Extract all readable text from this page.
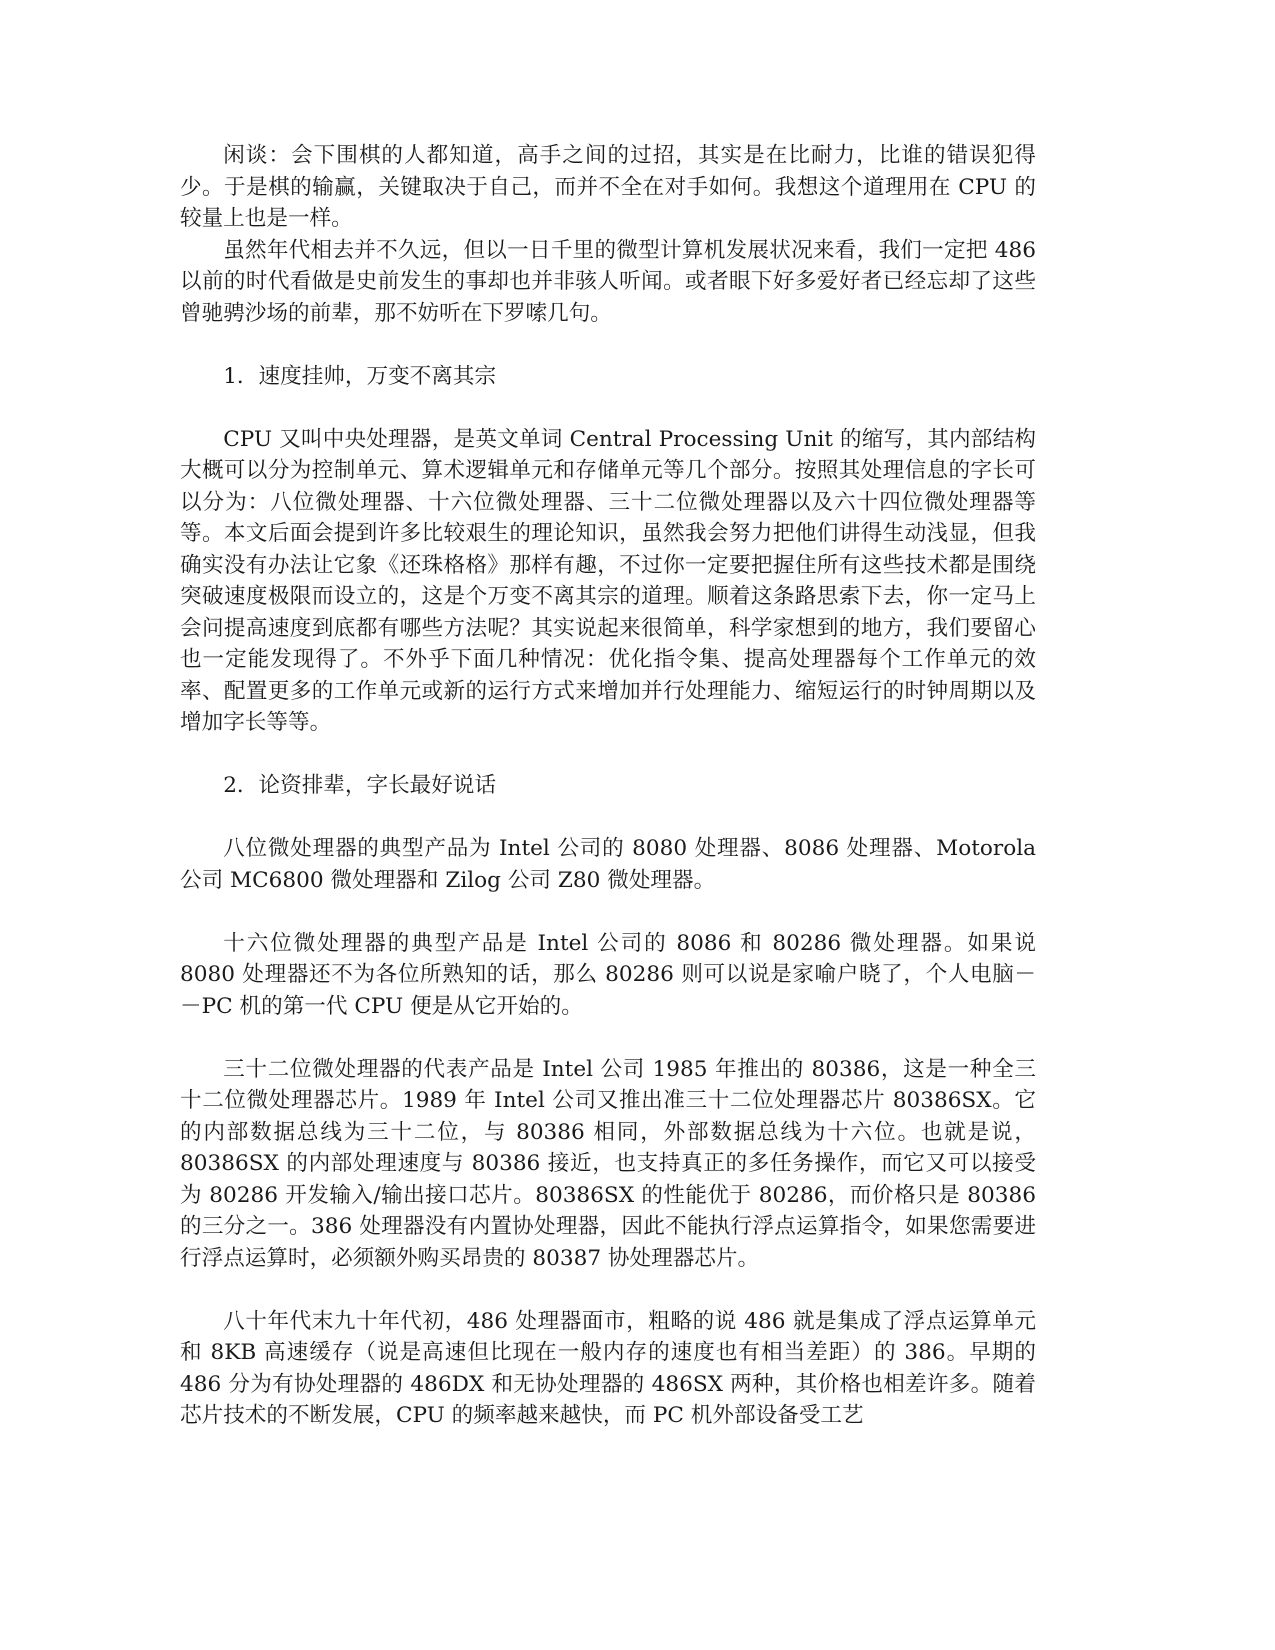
闲谈：会下围棋的人都知道，高手之间的过招，其实是在比耐力，比谁的错误犯得少。于是棋的输赢，关键取决于自己，而并不全在对手如何。我想这个道理用在 CPU 的较量上也是一样。

虽然年代相去并不久远，但以一日千里的微型计算机发展状况来看，我们一定把 486 以前的时代看做是史前发生的事却也并非骇人听闻。或者眼下好多爱好者已经忘却了这些曾驰骋沙场的前辈，那不妨听在下罗嗦几句。

1．速度挂帅，万变不离其宗

CPU 又叫中央处理器，是英文单词 Central Processing Unit 的缩写，其内部结构大概可以分为控制单元、算术逻辑单元和存储单元等几个部分。按照其处理信息的字长可以分为：八位微处理器、十六位微处理器、三十二位微处理器以及六十四位微处理器等等。本文后面会提到许多比较艰生的理论知识，虽然我会努力把他们讲得生动浅显，但我确实没有办法让它象《还珠格格》那样有趣，不过你一定要把握住所有这些技术都是围绕突破速度极限而设立的，这是个万变不离其宗的道理。顺着这条路思索下去，你一定马上会问提高速度到底都有哪些方法呢？其实说起来很简单，科学家想到的地方，我们要留心也一定能发现得了。不外乎下面几种情况：优化指令集、提高处理器每个工作单元的效率、配置更多的工作单元或新的运行方式来增加并行处理能力、缩短运行的时钟周期以及增加字长等等。

2．论资排辈，字长最好说话

八位微处理器的典型产品为 Intel 公司的 8080 处理器、8086 处理器、Motorola 公司 MC6800 微处理器和 Zilog 公司 Z80 微处理器。

十六位微处理器的典型产品是 Intel 公司的 8086 和 80286 微处理器。如果说 8080 处理器还不为各位所熟知的话，那么 80286 则可以说是家喻户晓了，个人电脑－－PC 机的第一代 CPU 便是从它开始的。

三十二位微处理器的代表产品是 Intel 公司 1985 年推出的 80386，这是一种全三十二位微处理器芯片。1989 年 Intel 公司又推出准三十二位处理器芯片 80386SX。它的内部数据总线为三十二位，与 80386 相同，外部数据总线为十六位。也就是说，80386SX 的内部处理速度与 80386 接近，也支持真正的多任务操作，而它又可以接受为 80286 开发输入/输出接口芯片。80386SX 的性能优于 80286，而价格只是 80386 的三分之一。386 处理器没有内置协处理器，因此不能执行浮点运算指令，如果您需要进行浮点运算时，必须额外购买昂贵的 80387 协处理器芯片。

八十年代末九十年代初，486 处理器面市，粗略的说 486 就是集成了浮点运算单元和 8KB 高速缓存（说是高速但比现在一般内存的速度也有相当差距）的 386。早期的 486 分为有协处理器的 486DX 和无协处理器的 486SX 两种，其价格也相差许多。随着芯片技术的不断发展，CPU 的频率越来越快，而 PC 机外部设备受工艺
